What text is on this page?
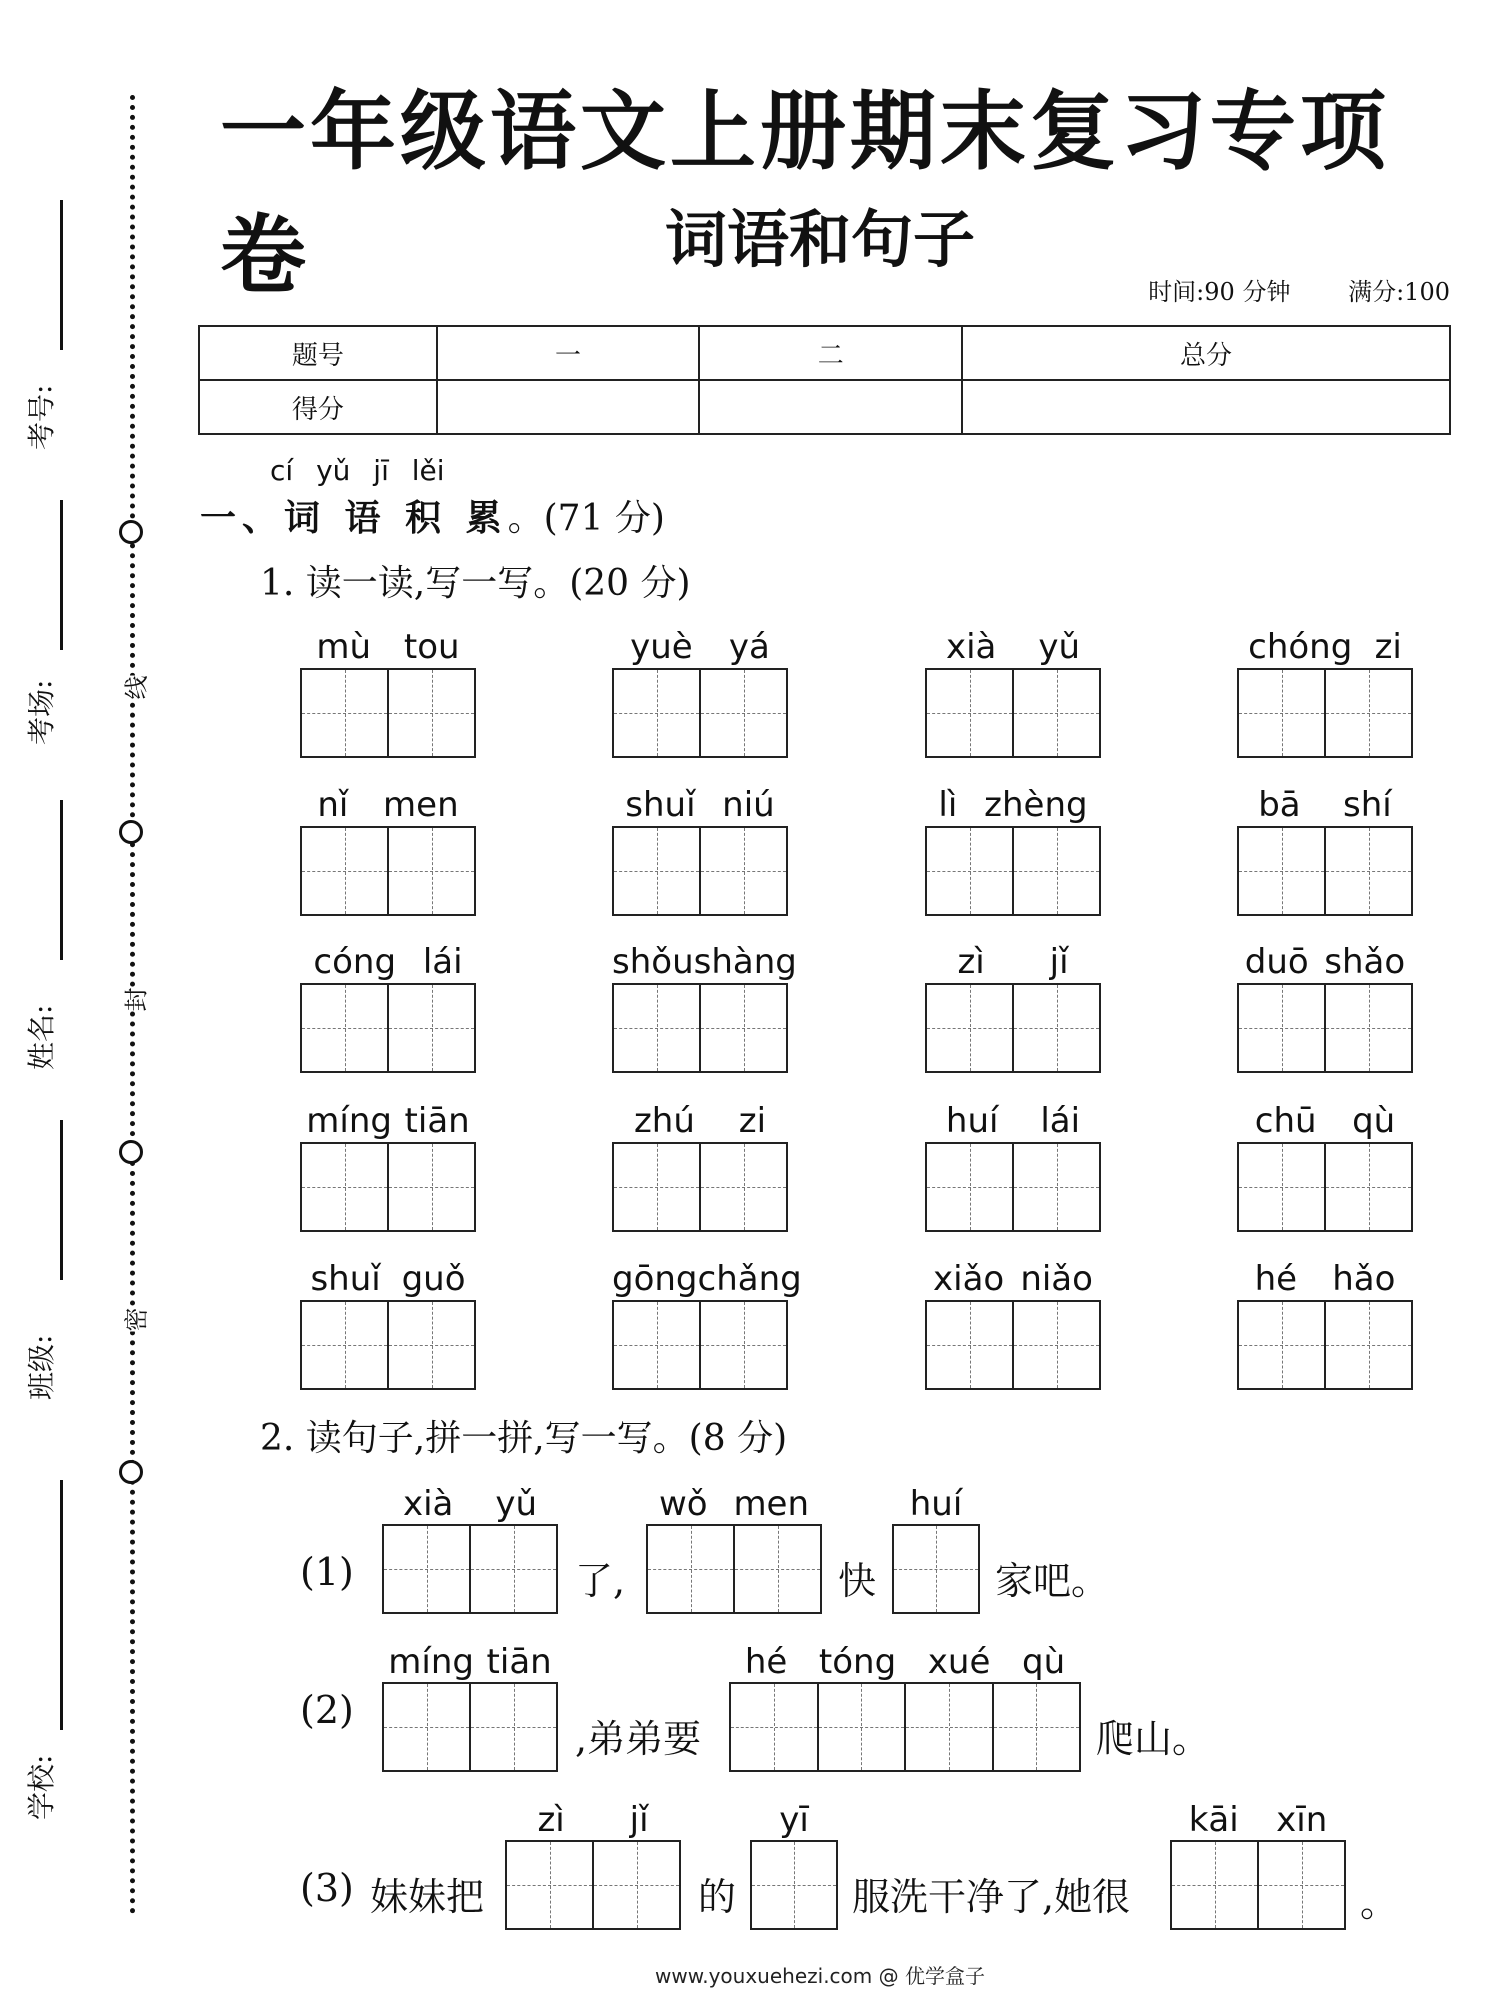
线
封
密
考号:
考场:
姓名:
班级:
学校:
一年级语文上册期末复习专项卷	词语和句子
时间:90 分钟 满分:100
题号	一	二	总分
得分			
cí yǔ jī lěi
一、词 语 积 累。(71 分)
1. 读一读,写一写。(20 分)
mù tou	yuè yá	xià yǔ	chóng zi
nǐ men	shuǐ niú	lì zhèng	bā shí
cóng lái	shǒu shàng	zì jǐ	duō shǎo
míng tiān	zhú zi	huí lái	chū qù
shuǐ guǒ	gōng chǎng	xiǎo niǎo	hé hǎo
2. 读句子,拼一拼,写一写。(8 分)
(1)
xià yǔ
了,
wǒ men
快
huí
家吧。
(2)
míng tiān
,弟弟要
hé tóng xué qù
爬山。
(3) 妹妹把
zì jǐ
的
yī
服洗干净了,她很
kāi xīn
。
www.youxuehezi.com @ 优学盒子
